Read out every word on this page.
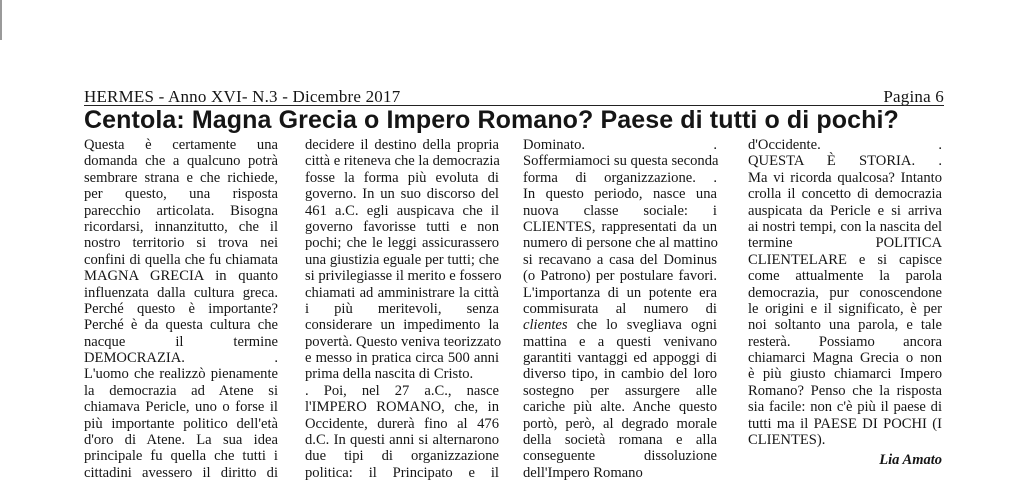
HERMES - Anno XVI- N.3 - Dicembre 2017	Pagina 6
Centola: Magna Grecia o Impero Romano? Paese di tutti o di pochi?
Questa è certamente una
domanda che a qualcuno potrà
sembrare strana e che richiede,
per questo, una risposta
parecchio articolata. Bisogna
ricordarsi, innanzitutto, che il
nostro territorio si trova nei
confini di quella che fu chiamata
MAGNA GRECIA in quanto
influenzata dalla cultura greca.
Perché questo è importante?
Perché è da questa cultura che
nacque il termine
DEMOCRAZIA. .
L'uomo che realizzò pienamente
la democrazia ad Atene si
chiamava Pericle, uno o forse il
più importante politico dell'età
d'oro di Atene. La sua idea
principale fu quella che tutti i
cittadini avessero il diritto di
decidere il destino della propria
città e riteneva che la democrazia
fosse la forma più evoluta di
governo. In un suo discorso del
461 a.C. egli auspicava che il
governo favorisse tutti e non
pochi; che le leggi assicurassero
una giustizia eguale per tutti; che
si privilegiasse il merito e fossero
chiamati ad amministrare la città
i più meritevoli, senza
considerare un impedimento la
povertà. Questo veniva teorizzato
e messo in pratica circa 500 anni
prima della nascita di Cristo.
. Poi, nel 27 a.C., nasce
l'IMPERO ROMANO, che, in
Occidente, durerà fino al 476
d.C. In questi anni si alternarono
due tipi di organizzazione
politica: il Principato e il
Dominato. .
Soffermiamoci su questa seconda
forma di organizzazione. .
In questo periodo, nasce una
nuova classe sociale: i
CLIENTES, rappresentati da un
numero di persone che al mattino
si recavano a casa del Dominus
(o Patrono) per postulare favori.
L'importanza di un potente era
commisurata al numero di
clientes che lo svegliava ogni
mattina e a questi venivano
garantiti vantaggi ed appoggi di
diverso tipo, in cambio del loro
sostegno per assurgere alle
cariche più alte. Anche questo
portò, però, al degrado morale
della società romana e alla
conseguente dissoluzione
dell'Impero Romano
d'Occidente. .
QUESTA È STORIA. .
Ma vi ricorda qualcosa? Intanto
crolla il concetto di democrazia
auspicata da Pericle e si arriva
ai nostri tempi, con la nascita del
termine POLITICA
CLIENTELARE e si capisce
come attualmente la parola
democrazia, pur conoscendone
le origini e il significato, è per
noi soltanto una parola, e tale
resterà. Possiamo ancora
chiamarci Magna Grecia o non
è più giusto chiamarci Impero
Romano? Penso che la risposta
sia facile: non c'è più il paese di
tutti ma il PAESE DI POCHI (I
CLIENTES).
Lia Amato
